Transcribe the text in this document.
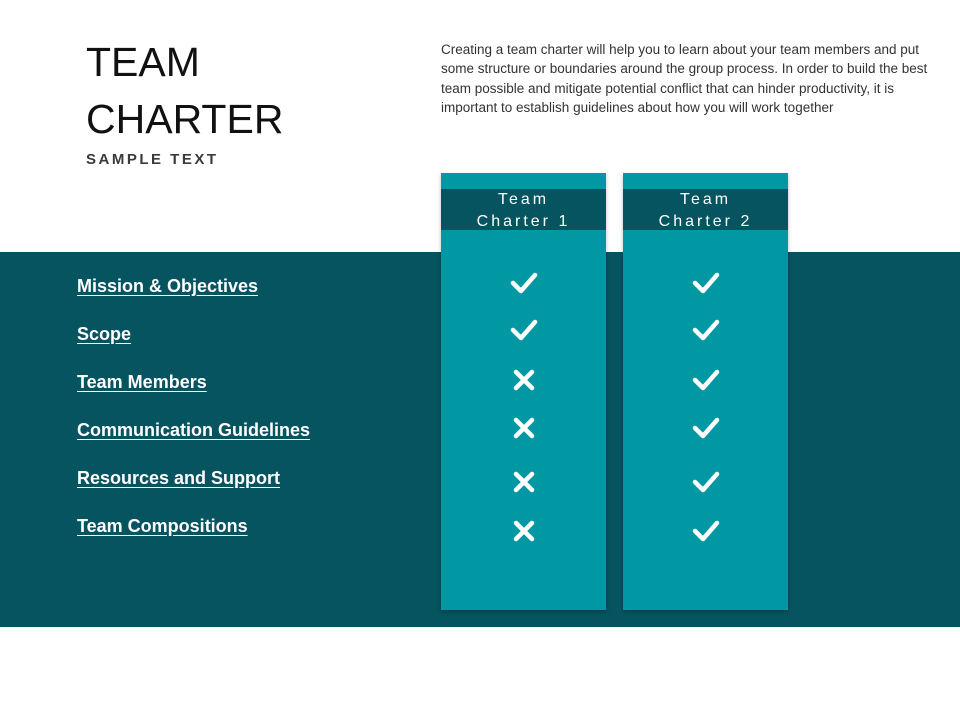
TEAM
CHARTER
SAMPLE TEXT
Creating a team charter will help you to learn about your team members and put some structure or boundaries around the group process. In order to build the best team possible and mitigate potential conflict that can hinder productivity, it is important to establish guidelines about how you will work together
Team
Charter 1
Team
Charter 2
Mission & Objectives
Scope
Team Members
Communication Guidelines
Resources and Support
Team Compositions
